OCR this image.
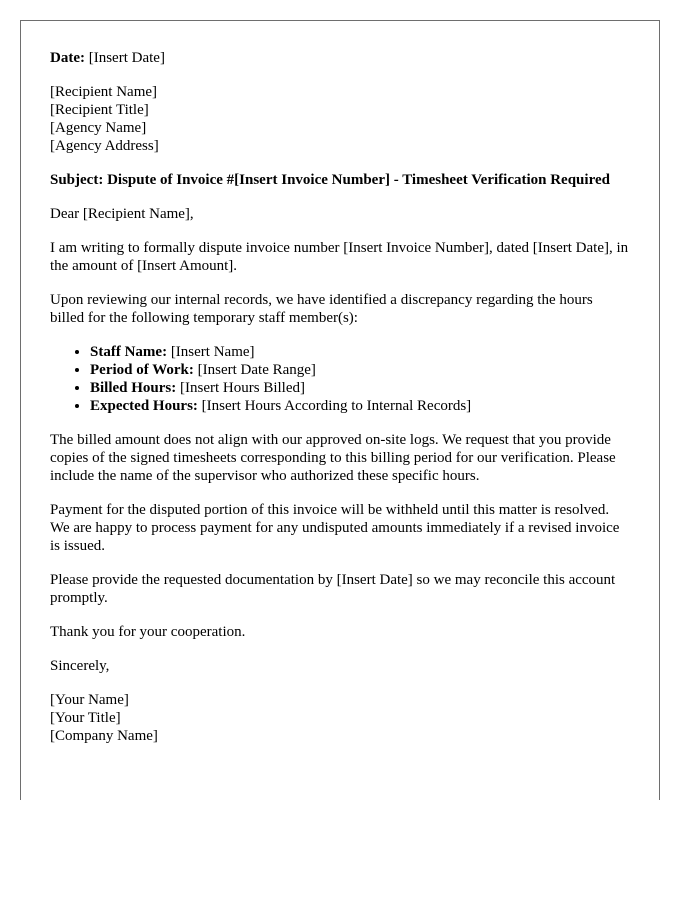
Date: [Insert Date]

[Recipient Name]

[Recipient Title]

[Agency Name]

[Agency Address]

Subject: Dispute of Invoice #[Insert Invoice Number] - Timesheet Verification Required

Dear [Recipient Name],

I am writing to formally dispute invoice number [Insert Invoice Number], dated [Insert Date], in the amount of [Insert Amount].

Upon reviewing our internal records, we have identified a discrepancy regarding the hours billed for the following temporary staff member(s):

• Staff Name: [Insert Name]
• Period of Work: [Insert Date Range]
• Billed Hours: [Insert Hours Billed]
• Expected Hours: [Insert Hours According to Internal Records]

The billed amount does not align with our approved on-site logs. We request that you provide copies of the signed timesheets corresponding to this billing period for our verification. Please include the name of the supervisor who authorized these specific hours.

Payment for the disputed portion of this invoice will be withheld until this matter is resolved. We are happy to process payment for any undisputed amounts immediately if a revised invoice is issued.

Please provide the requested documentation by [Insert Date] so we may reconcile this account promptly.

Thank you for your cooperation.

Sincerely,

[Your Name]

[Your Title]

[Company Name]
